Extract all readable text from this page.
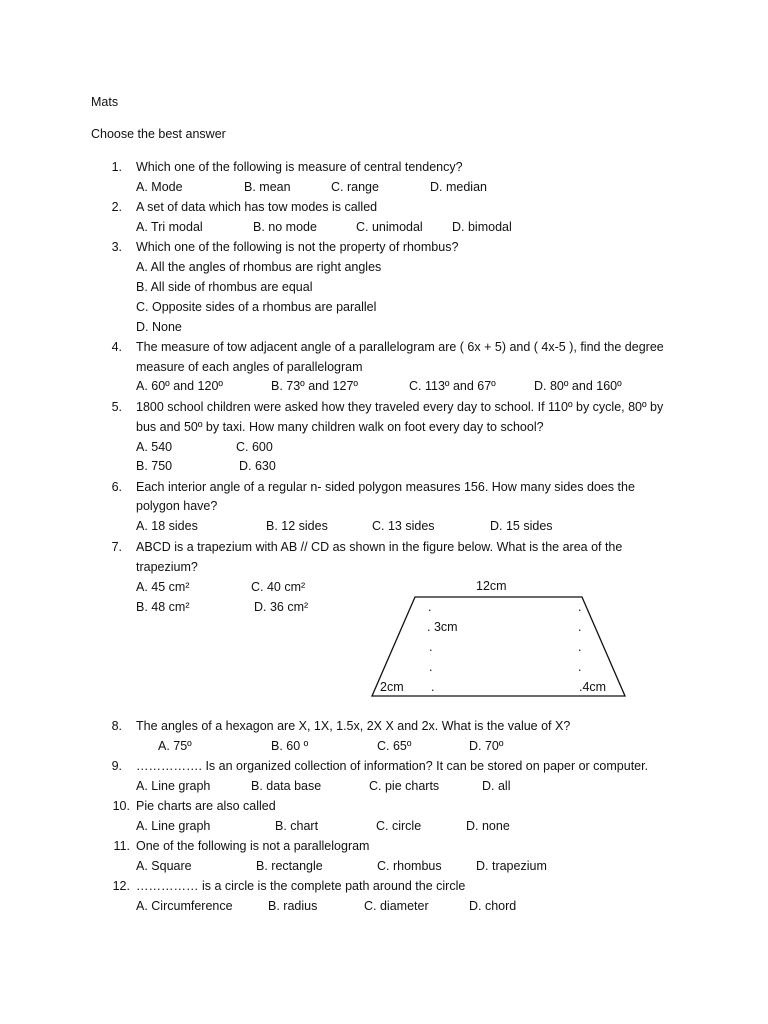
Mats
Choose the best answer
1. Which one of the following is measure of central tendency?
A. Mode	B. mean	C. range	D. median
2. A set of data which has tow modes is called
A. Tri modal	B. no mode	C. unimodal D. bimodal
3. Which one of the following is not the property of rhombus?
A. All the angles of rhombus are right angles
B. All side of rhombus are equal
C. Opposite sides of a rhombus are parallel
D. None
4. The measure of tow adjacent angle of a parallelogram are ( 6x + 5) and ( 4x-5 ), find the degree
measure of each angles of parallelogram
A. 60º and 120º	B. 73º and 127º	C. 113º and 67º	D. 80º and 160º
5. 1800 school children were asked how they traveled every day to school. If 110º by cycle, 80º by
bus and 50º by taxi. How many children walk on foot every day to school?
A. 540	C. 600
B. 750	D. 630
6. Each interior angle of a regular n- sided polygon measures 156. How many sides does the
polygon have?
A. 18 sides	B. 12 sides	C. 13 sides	D. 15 sides
7. ABCD is a trapezium with AB // CD as shown in the figure below. What is the area of the
trapezium?
A. 45 cm²	C. 40 cm²
B. 48 cm²	D. 36 cm²
12cm
. 3cm
2cm	.4cm
.
.
.
.
.
.
.
.
8. The angles of a hexagon are X, 1X, 1.5x, 2X X and 2x. What is the value of X?
A. 75º	B. 60 º	C. 65º	D. 70º
9. ……………. Is an organized collection of information? It can be stored on paper or computer.
A. Line graph	B. data base	C. pie charts	D. all
10. Pie charts are also called
A. Line graph	B. chart	C. circle	D. none
11. One of the following is not a parallelogram
A. Square	B. rectangle	C. rhombus	D. trapezium
12. …………… is a circle is the complete path around the circle
A. Circumference	B. radius	C. diameter	D. chord
